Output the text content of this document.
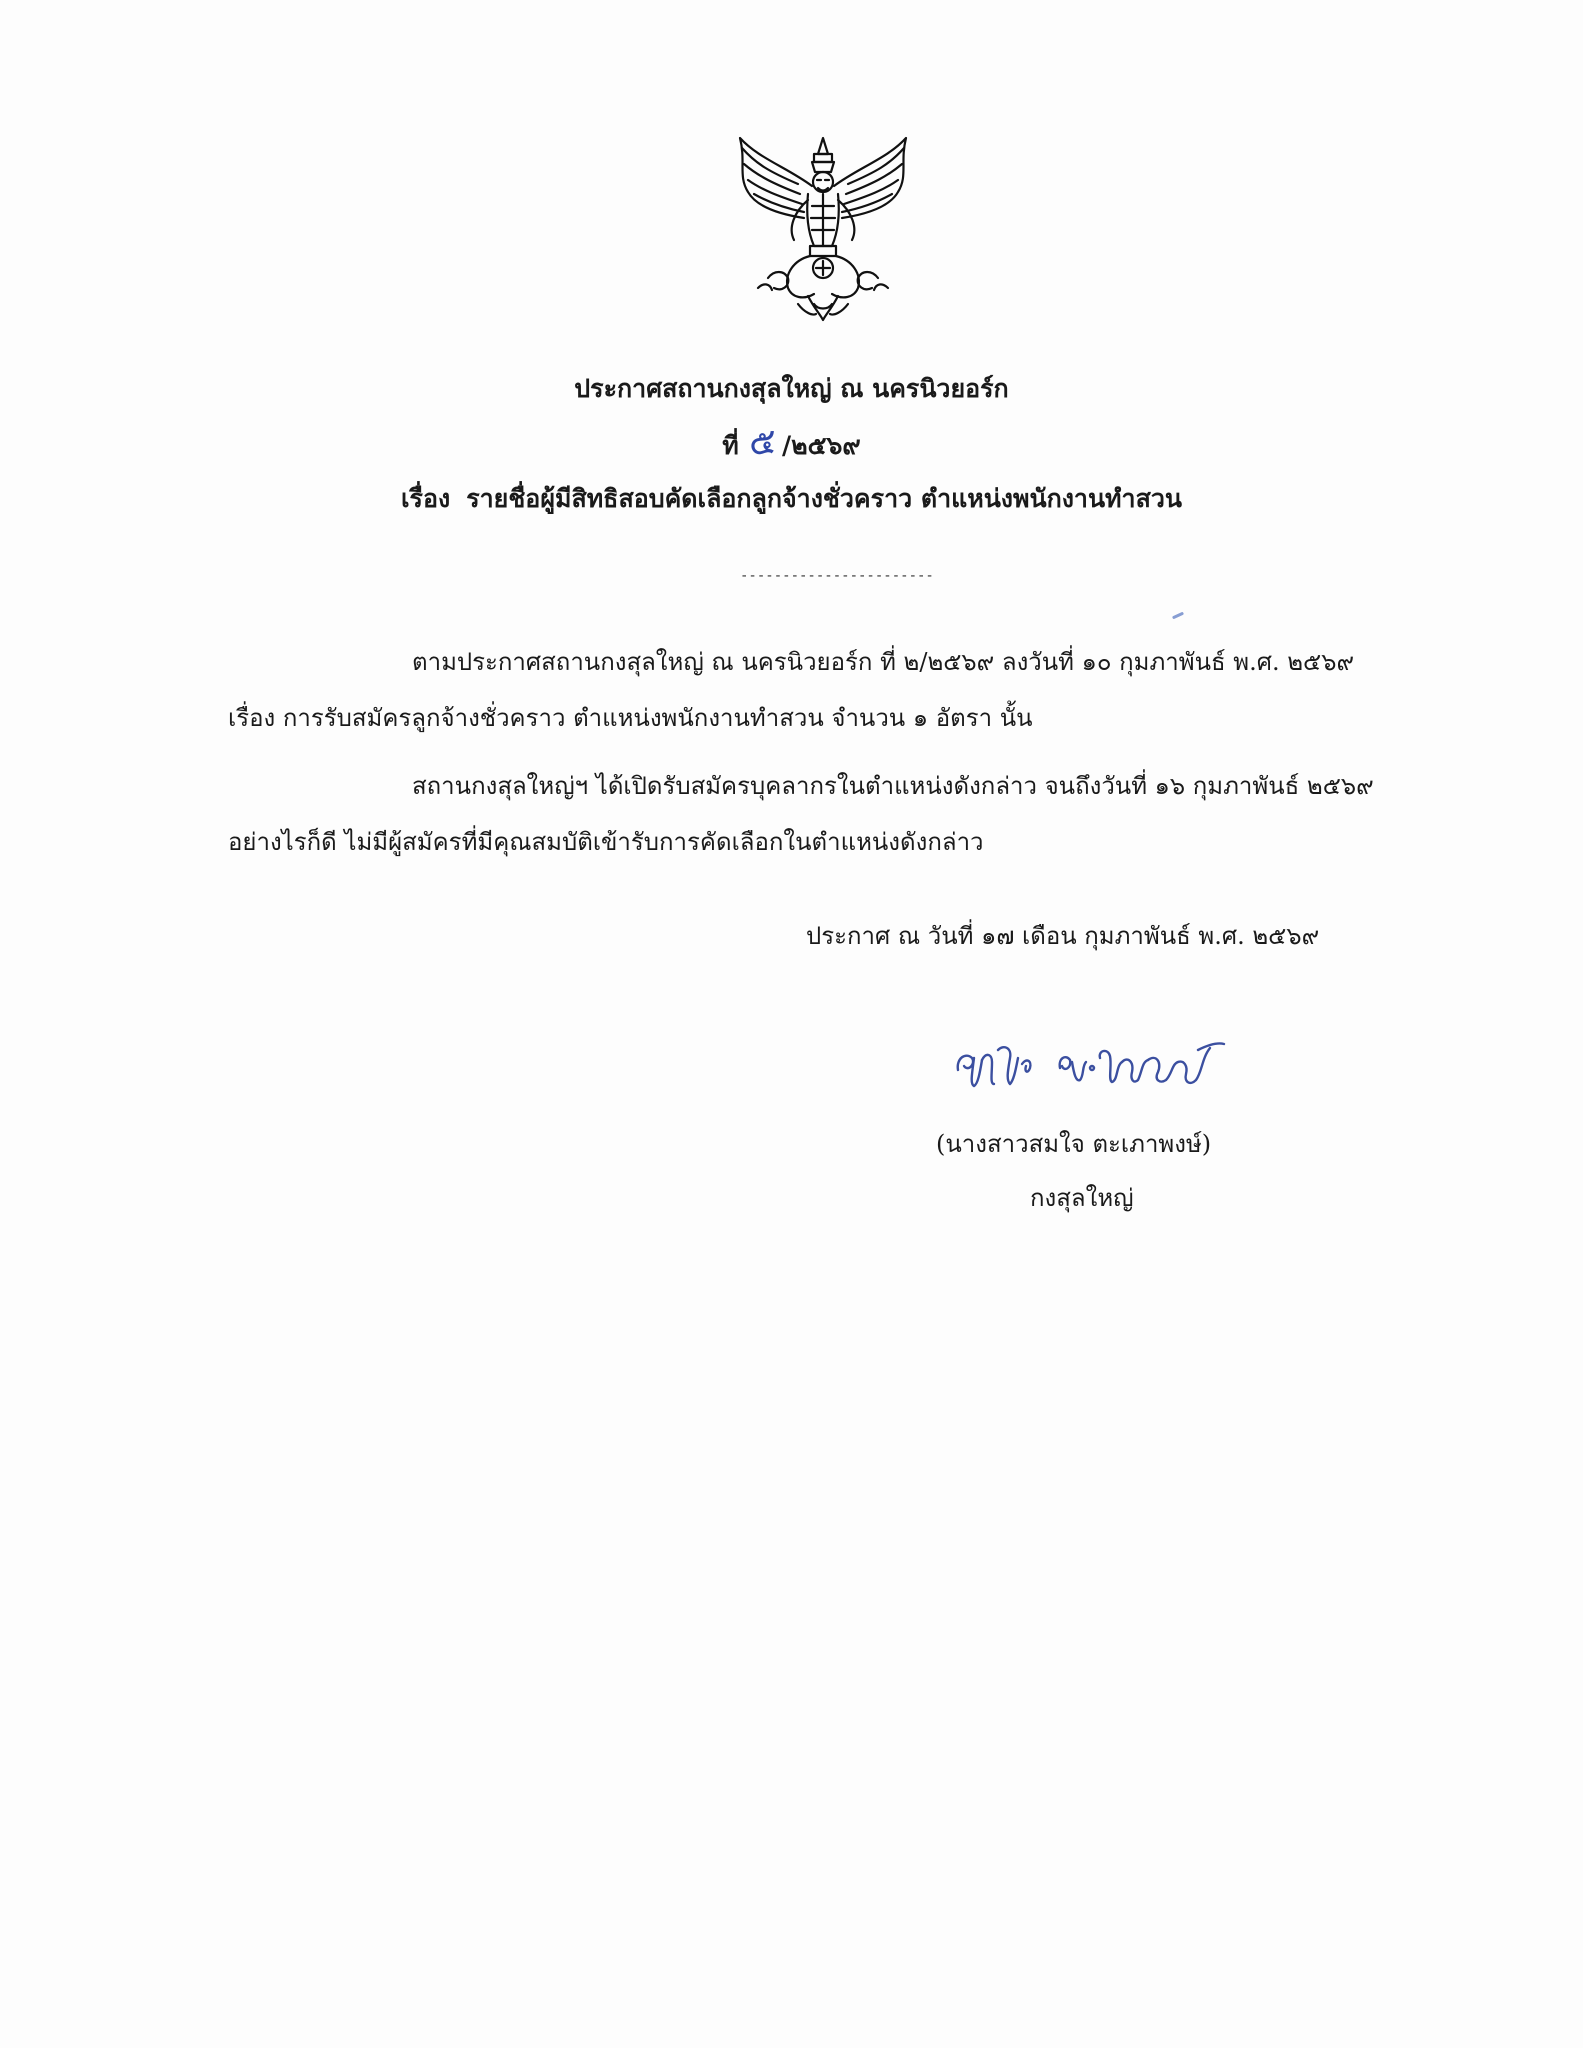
ประกาศสถานกงสุลใหญ่ ณ นครนิวยอร์ก
ที่ ๕ /๒๕๖๙
เรื่อง รายชื่อผู้มีสิทธิสอบคัดเลือกลูกจ้างชั่วคราว ตำแหน่งพนักงานทำสวน
-----------------------
ตามประกาศสถานกงสุลใหญ่ ณ นครนิวยอร์ก ที่ ๒/๒๕๖๙ ลงวันที่ ๑๐ กุมภาพันธ์ พ.ศ. ๒๕๖๙
เรื่อง การรับสมัครลูกจ้างชั่วคราว ตำแหน่งพนักงานทำสวน จำนวน ๑ อัตรา นั้น
สถานกงสุลใหญ่ฯ ได้เปิดรับสมัครบุคลากรในตำแหน่งดังกล่าว จนถึงวันที่ ๑๖ กุมภาพันธ์ ๒๕๖๙
อย่างไรก็ดี ไม่มีผู้สมัครที่มีคุณสมบัติเข้ารับการคัดเลือกในตำแหน่งดังกล่าว
ประกาศ ณ วันที่ ๑๗ เดือน กุมภาพันธ์ พ.ศ. ๒๕๖๙
(นางสาวสมใจ ตะเภาพงษ์)
กงสุลใหญ่
